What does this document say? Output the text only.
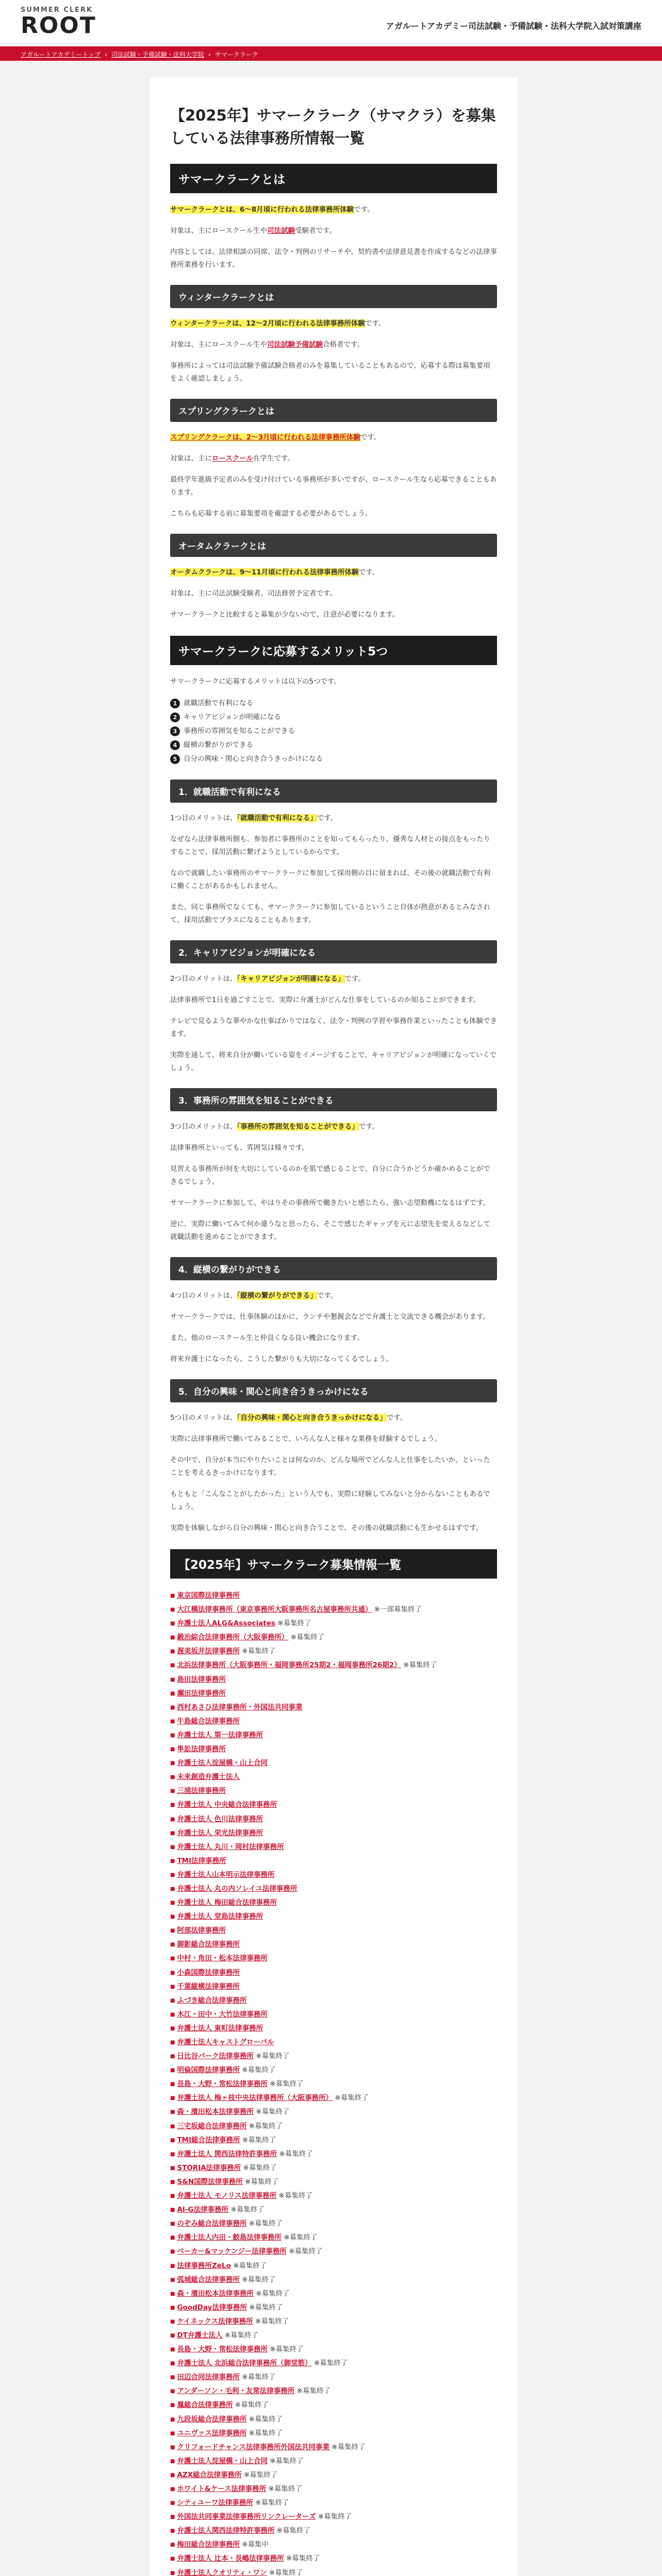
SUMMER CLERK
ROOT	アガルートアカデミー司法試験・予備試験・法科大学院入試対策講座
アガルートアカデミートップ › 司法試験・予備試験・法科大学院 › サマークラーク
【2025年】サマークラーク（サマクラ）を募集している法律事務所情報一覧
サマークラークとは

サマークラークとは、6〜8月頃に行われる法律事務所体験です。

対象は、主にロースクール生や司法試験受験者です。

内容としては、法律相談の同席、法令・判例のリサーチや、契約書や法律意見書を作成するなどの法律事務所業務を行います。

ウィンタークラークとは

ウィンタークラークは、12〜2月頃に行われる法律事務所体験です。

対象は、主にロースクール生や司法試験予備試験合格者です。

事務所によっては司法試験予備試験合格者のみを募集していることもあるので、応募する際は募集要項をよく確認しましょう。

スプリングクラークとは

スプリングクラークは、2〜3月頃に行われる法律事務所体験です。

対象は、主にロースクール在学生です。

最終学年進級予定者のみを受け付けている事務所が多いですが、ロースクール生なら応募できることもあります。

こちらも応募する前に募集要項を確認する必要があるでしょう。

オータムクラークとは

オータムクラークは、9〜11月頃に行われる法律事務所体験です。

対象は、主に司法試験受験者、司法修習予定者です。

サマークラークと比較すると募集が少ないので、注意が必要になります。

サマークラークに応募するメリット5つ

サマークラークに応募するメリットは以下の5つです。

1 就職活動で有利になる
2 キャリアビジョンが明確になる
3 事務所の雰囲気を知ることができる
4 縦横の繋がりができる
5 自分の興味・関心と向き合うきっかけになる
1．就職活動で有利になる

1つ目のメリットは、「就職活動で有利になる」です。

なぜなら法律事務所側も、参加者に事務所のことを知ってもらったり、優秀な人材との接点をもったりすることで、採用活動に繋げようとしているからです。

なので就職したい事務所のサマークラークに参加して採用側の目に留まれば、その後の就職活動で有利に働くことがあるかもしれません。

また、同じ事務所でなくても、サマークラークに参加しているということ自体が熱意があるとみなされて、採用活動でプラスになることもあります。

2．キャリアビジョンが明確になる

2つ目のメリットは、「キャリアビジョンが明確になる」です。

法律事務所で1日を過ごすことで、実際に弁護士がどんな仕事をしているのか知ることができます。

テレビで見るような華やかな仕事ばかりではなく、法令・判例の学習や事務作業といったことも体験できます。

実際を通して、将来自分が働いている姿をイメージすることで、キャリアビジョンが明確になっていくでしょう。

3．事務所の雰囲気を知ることができる

3つ目のメリットは、「事務所の雰囲気を知ることができる」です。

法律事務所といっても、雰囲気は様々です。

見習える事務所が何を大切にしているのかを肌で感じることで、自分に合うかどうか確かめることができるでしょう。

サマークラークに参加して、やはりその事務所で働きたいと感じたら、強い志望動機になるはずです。

逆に、実際に働いてみて何か違うなと思ったら、そこで感じたギャップを元に志望先を変えるなどして就職活動を進めることができます。

4．縦横の繋がりができる

4つ目のメリットは、「縦横の繋がりができる」です。

サマークラークでは、仕事体験のほかに、ランチや懇親会などで弁護士と交流できる機会があります。

また、他のロースクール生と仲良くなる良い機会になります。

将来弁護士になったら、こうした繋がりも大切になってくるでしょう。

5．自分の興味・関心と向き合うきっかけになる

5つ目のメリットは、「自分の興味・関心と向き合うきっかけになる」です。

実際に法律事務所で働いてみることで、いろんな人と様々な業務を経験するでしょう。

その中で、自分が本当にやりたいことは何なのか、どんな場所でどんな人と仕事をしたいか、といったことを考えるきっかけになります。

もともと「こんなことがしたかった」という人でも、実際に経験してみないと分からないこともあるでしょう。

実際を体験しながら自分の興味・関心と向き合うことで、その後の就職活動にも生かせるはずです。

【2025年】サマークラーク募集情報一覧
■ 東京国際法律事務所
■ 大江橋法律事務所（東京事務所大阪事務所名古屋事務所共通） ※一部募集終了
■ 弁護士法人ALG&Associates ※募集終了
■ 鍛冶綜合法律事務所（大阪事務所） ※募集終了
■ 渥美坂井法律事務所 ※募集終了
■ 北浜法律事務所（大阪事務所・福岡事務所25期2・福岡事務所26期2） ※募集終了
■ 島田法律事務所
■ 瀬田法律事務所
■ 西村あさひ法律事務所・外国法共同事業
■ 牛島総合法律事務所
■ 弁護士法人 第一法律事務所
■ 隼訟法律事務所
■ 弁護士法人淀屋橋・山上合同
■ 未来創造弁護士法人
■ 三浦法律事務所
■ 弁護士法人 中央総合法律事務所
■ 弁護士法人 色川法律事務所
■ 弁護士法人 栄光法律事務所
■ 弁護士法人 丸川・岡村法律事務所
■ TMI法律事務所
■ 弁護士法人山本明示法律事務所
■ 弁護士法人 丸の内ソレイユ法律事務所
■ 弁護士法人 梅田総合法律事務所
■ 弁護士法人 堂島法律事務所
■ 阿部法律事務所
■ 御影総合法律事務所
■ 中村・角田・松本法律事務所
■ 小森国際法律事務所
■ 千葉縦横法律事務所
■ ふづき総合法律事務所
■ 木江・田中・大竹法律事務所
■ 弁護士法人 東町法律事務所
■ 弁護士法人キャストグローバル
■ 日比谷パーク法律事務所 ※募集終了
■ 明倫国際法律事務所 ※募集終了
■ 長島・大野・常松法律事務所 ※募集終了
■ 弁護士法人 梅ヶ枝中央法律事務所（大阪事務所） ※募集終了
■ 森・濱田松本法律事務所 ※募集終了
■ 三宅坂総合法律事務所 ※募集終了
■ TMI総合法律事務所 ※募集終了
■ 弁護士法人 関西法律特許事務所 ※募集終了
■ STORIA法律事務所 ※募集終了
■ S&N国際法律事務所 ※募集終了
■ 弁護士法人 モノリス法律事務所 ※募集終了
■ AI-G法律事務所 ※募集終了
■ のぞみ総合法律事務所 ※募集終了
■ 弁護士法人内田・鮫島法律事務所 ※募集終了
■ ベーカー&マッケンジー法律事務所 ※募集終了
■ 法律事務所ZeLo ※募集終了
■ 弧城総合法律事務所 ※募集終了
■ 森・濱田松本法律事務所 ※募集終了
■ GoodDay法律事務所 ※募集終了
■ ケイネックス法律事務所 ※募集終了
■ DT弁護士法人 ※募集終了
■ 長島・大野・常松法律事務所 ※募集終了
■ 弁護士法人 北浜総合法律事務所（御堂筋） ※募集終了
■ 田辺合同法律事務所 ※募集終了
■ アンダーソン・毛利・友常法律事務所 ※募集終了
■ 鳳総合法律事務所 ※募集終了
■ 九段坂総合法律事務所 ※募集終了
■ ユニヴァス法律事務所 ※募集終了
■ クリフォードチャンス法律事務所外国法共同事業 ※募集終了
■ 弁護士法人淀屋橋・山上合同 ※募集終了
■ AZX総合法律事務所 ※募集終了
■ ホワイト&ケース法律事務所 ※募集終了
■ シティユーワ法律事務所 ※募集終了
■ 外国法共同事業法律事務所リンクレーターズ ※募集終了
■ 弁護士法人関西法律特許事務所 ※募集終了
■ 梅田総合法律事務所 ※募集中
■ 弁護士法人 辻本・長嶋法律事務所 ※募集終了
■ 弁護士法人クオリティ・ワン ※募集終了
